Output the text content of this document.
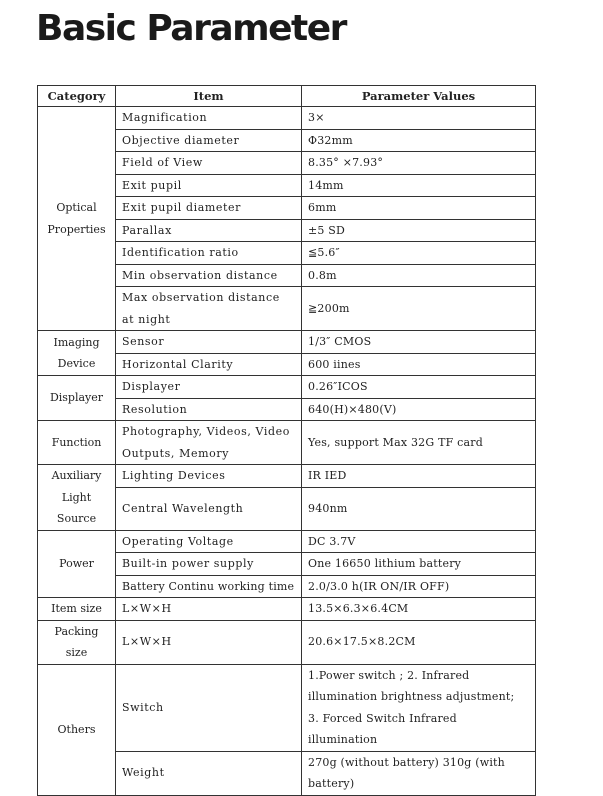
Basic Parameter
Category	Item	Parameter Values
Optical Properties	Magnification	3×
	Objective diameter	Φ32mm
	Field of View	8.35° ×7.93°
	Exit pupil	14mm
	Exit pupil diameter	6mm
	Parallax	±5 SD
	Identification ratio	≦5.6″
	Min observation distance	0.8m
	Max observation distance at night	≧200m
Imaging Device	Sensor	1/3″ CMOS
	Horizontal Clarity	600 iines
Displayer	Displayer	0.26″ICOS
	Resolution	640(H)×480(V)
Function	Photography, Videos, Video Outputs, Memory	Yes, support Max 32G TF card
Auxiliary Light Source	Lighting Devices	IR IED
	Central Wavelength	940nm
Power	Operating Voltage	DC 3.7V
	Built-in power supply	One 16650 lithium battery
	Battery Continu working time	2.0/3.0 h(IR ON/IR OFF)
Item size	L×W×H	13.5×6.3×6.4CM
Packing size	L×W×H	20.6×17.5×8.2CM
Others	Switch	1.Power switch ; 2. Infrared illumination brightness adjustment; 3. Forced Switch Infrared illumination
	Weight	270g (without battery) 310g (with battery)
